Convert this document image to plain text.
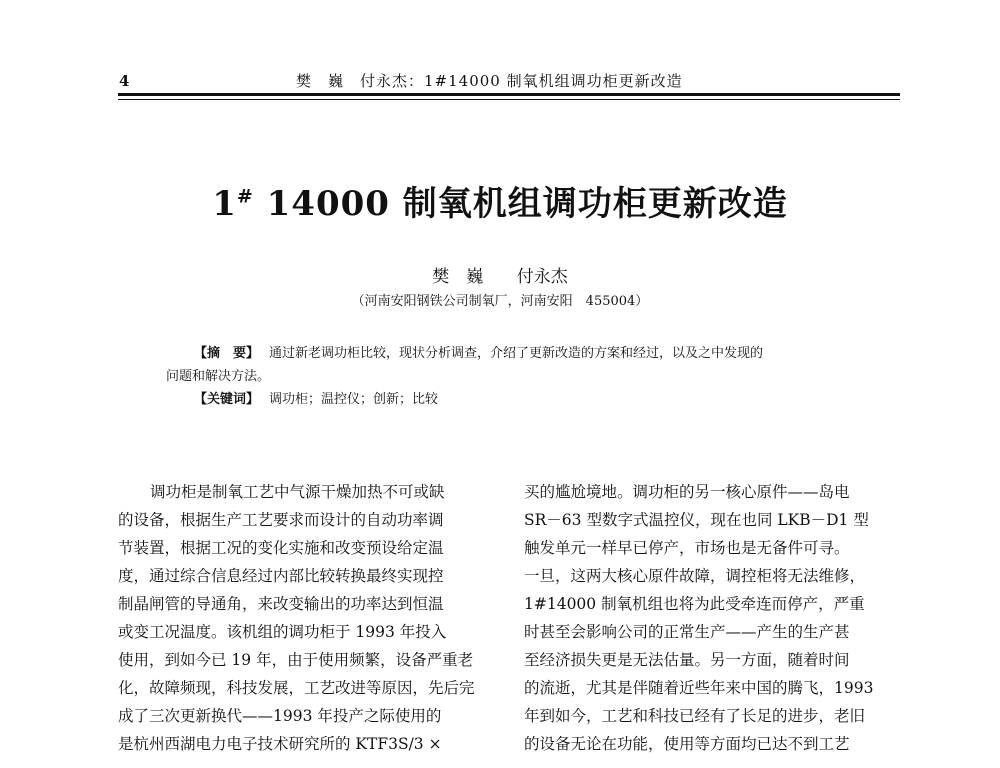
4	樊　巍　付永杰：1#14000 制氧机组调功柜更新改造
1# 14000 制氧机组调功柜更新改造
樊　巍 付永杰
（河南安阳钢铁公司制氧厂，河南安阳　455004）

【摘　要】 通过新老调功柜比较，现状分析调查，介绍了更新改造的方案和经过，以及之中发现的

问题和解决方法。

【关键词】 调功柜；温控仪；创新；比较

调功柜是制氧工艺中气源干燥加热不可或缺
的设备，根据生产工艺要求而设计的自动功率调
节装置，根据工况的变化实施和改变预设给定温
度，通过综合信息经过内部比较转换最终实现控
制晶闸管的导通角，来改变输出的功率达到恒温
或变工况温度。该机组的调功柜于 1993 年投入
使用，到如今已 19 年，由于使用频繁，设备严重老
化，故障频现，科技发展，工艺改进等原因，先后完
成了三次更新换代——1993 年投产之际使用的
是杭州西湖电力电子技术研究所的 KTF3S/3 ×
买的尴尬境地。调功柜的另一核心原件——岛电
SR－63 型数字式温控仪，现在也同 LKB－D1 型
触发单元一样早已停产，市场也是无备件可寻。
一旦，这两大核心原件故障，调控柜将无法维修，
1#14000 制氧机组也将为此受牵连而停产，严重
时甚至会影响公司的正常生产——产生的生产甚
至经济损失更是无法估量。另一方面，随着时间
的流逝，尤其是伴随着近些年来中国的腾飞，1993
年到如今，工艺和科技已经有了长足的进步，老旧
的设备无论在功能，使用等方面均已达不到工艺
